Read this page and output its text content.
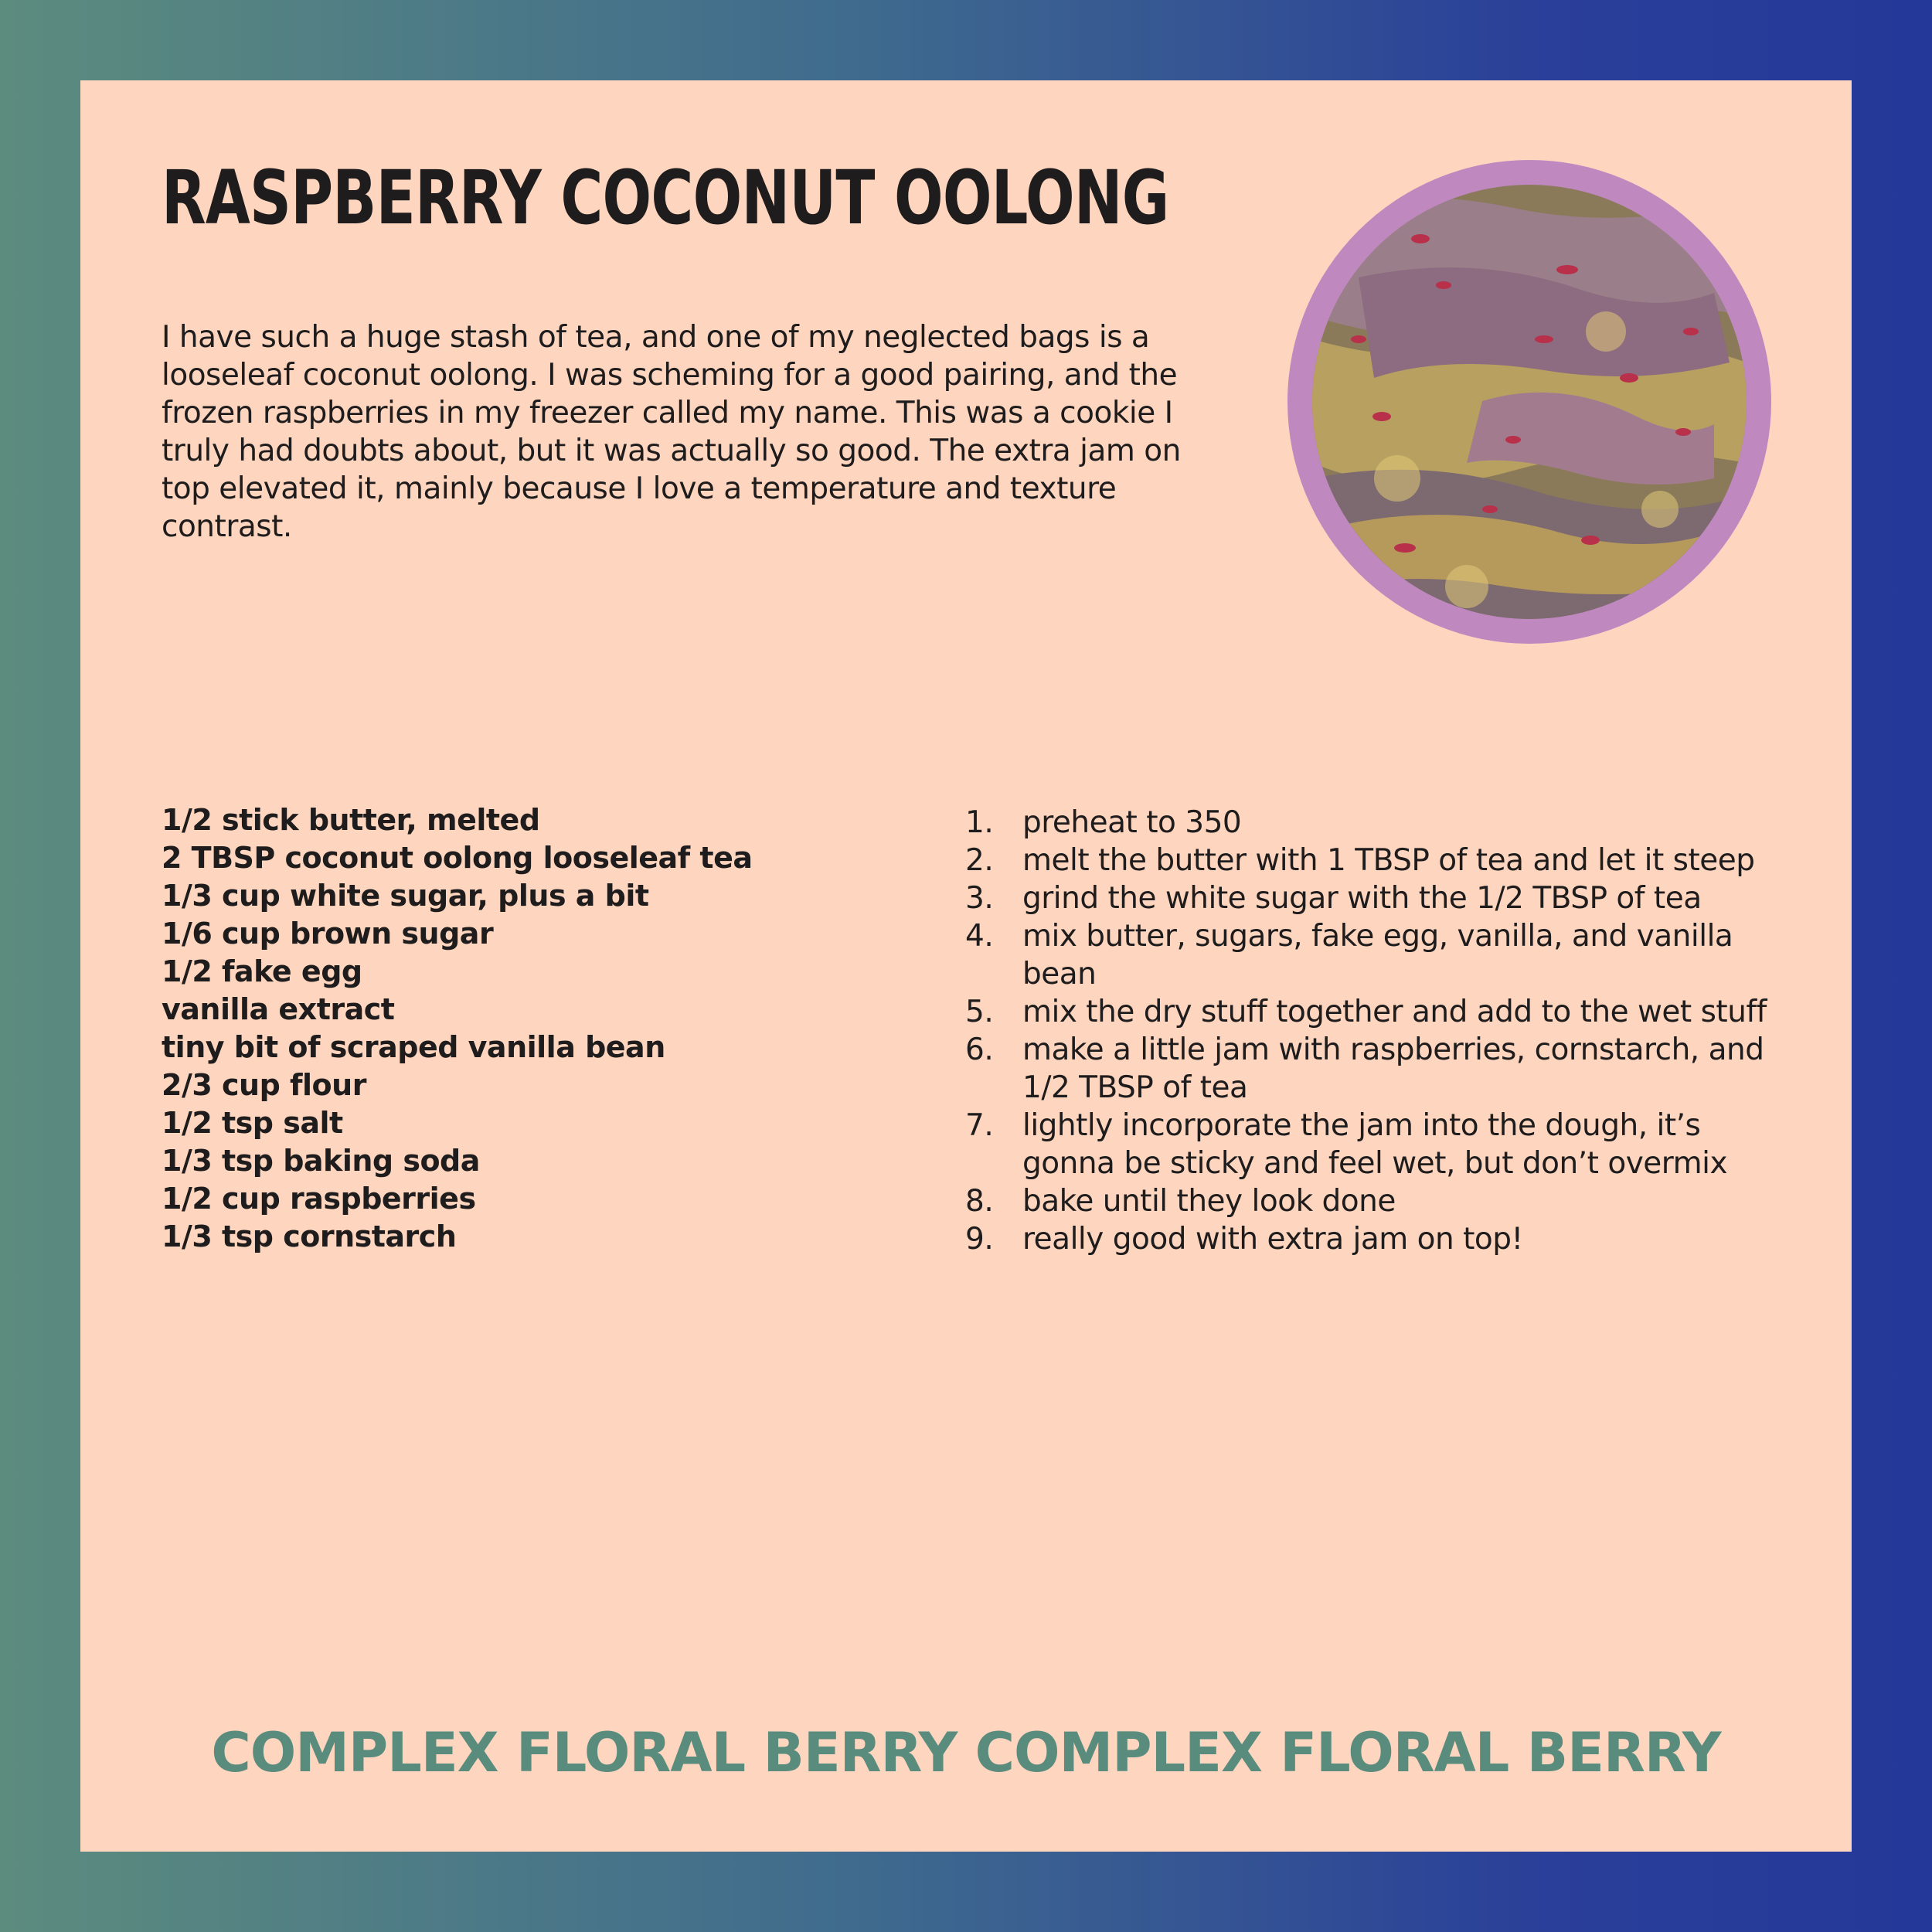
RASPBERRY COCONUT OOLONG

I have such a huge stash of tea, and one of my neglected bags is a looseleaf coconut oolong. I was scheming for a good pairing, and the frozen raspberries in my freezer called my name. This was a cookie I truly had doubts about, but it was actually so good. The extra jam on top elevated it, mainly because I love a temperature and texture contrast.

1/2 stick butter, melted
2 TBSP coconut oolong looseleaf tea
1/3 cup white sugar, plus a bit
1/6 cup brown sugar
1/2 fake egg
vanilla extract
tiny bit of scraped vanilla bean
2/3 cup flour
1/2 tsp salt
1/3 tsp baking soda
1/2 cup raspberries
1/3 tsp cornstarch
1. preheat to 350
2. melt the butter with 1 TBSP of tea and let it steep
3. grind the white sugar with the 1/2 TBSP of tea
4. mix butter, sugars, fake egg, vanilla, and vanilla bean
5. mix the dry stuff together and add to the wet stuff
6. make a little jam with raspberries, cornstarch, and 1/2 TBSP of tea
7. lightly incorporate the jam into the dough, it’s gonna be sticky and feel wet, but don’t overmix
8. bake until they look done
9. really good with extra jam on top!

COMPLEX FLORAL BERRY COMPLEX FLORAL BERRY
